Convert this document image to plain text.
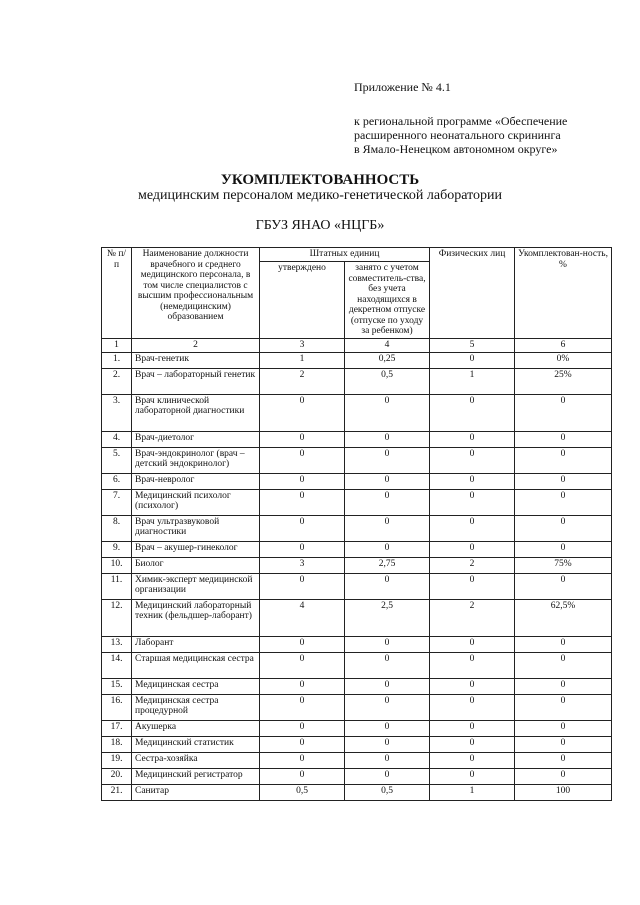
Приложение № 4.1
к региональной программе «Обеспечение
расширенного неонатального скрининга
в Ямало-Ненецком автономном округе»
УКОМПЛЕКТОВАННОСТЬ
медицинским персоналом медико-генетической лаборатории
ГБУЗ ЯНАО «НЦГБ»
№ п/п	Наименование должности врачебного и среднего медицинского персонала, в том числе специалистов с высшим профессиональным (немедицинским) образованием	Штатных единиц		Физических лиц	Укомплектован-ность, %
		утверждено	занято с учетом совместитель-ства, без учета находящихся в декретном отпуске (отпуске по уходу за ребенком)		
1	2	3	4	5	6
1.	Врач-генетик	1	0,25	0	0%
2.	Врач – лабораторный генетик	2	0,5	1	25%
3.	Врач клинической лабораторной диагностики	0	0	0	0
4.	Врач-диетолог	0	0	0	0
5.	Врач-эндокринолог (врач – детский эндокринолог)	0	0	0	0
6.	Врач-невролог	0	0	0	0
7.	Медицинский психолог (психолог)	0	0	0	0
8.	Врач ультразвуковой диагностики	0	0	0	0
9.	Врач – акушер-гинеколог	0	0	0	0
10.	Биолог	3	2,75	2	75%
11.	Химик-эксперт медицинской организации	0	0	0	0
12.	Медицинский лабораторный техник (фельдшер-лаборант)	4	2,5	2	62,5%
13.	Лаборант	0	0	0	0
14.	Старшая медицинская сестра	0	0	0	0
15.	Медицинская сестра	0	0	0	0
16.	Медицинская сестра процедурной	0	0	0	0
17.	Акушерка	0	0	0	0
18.	Медицинский статистик	0	0	0	0
19.	Сестра-хозяйка	0	0	0	0
20.	Медицинский регистратор	0	0	0	0
21.	Санитар	0,5	0,5	1	100
